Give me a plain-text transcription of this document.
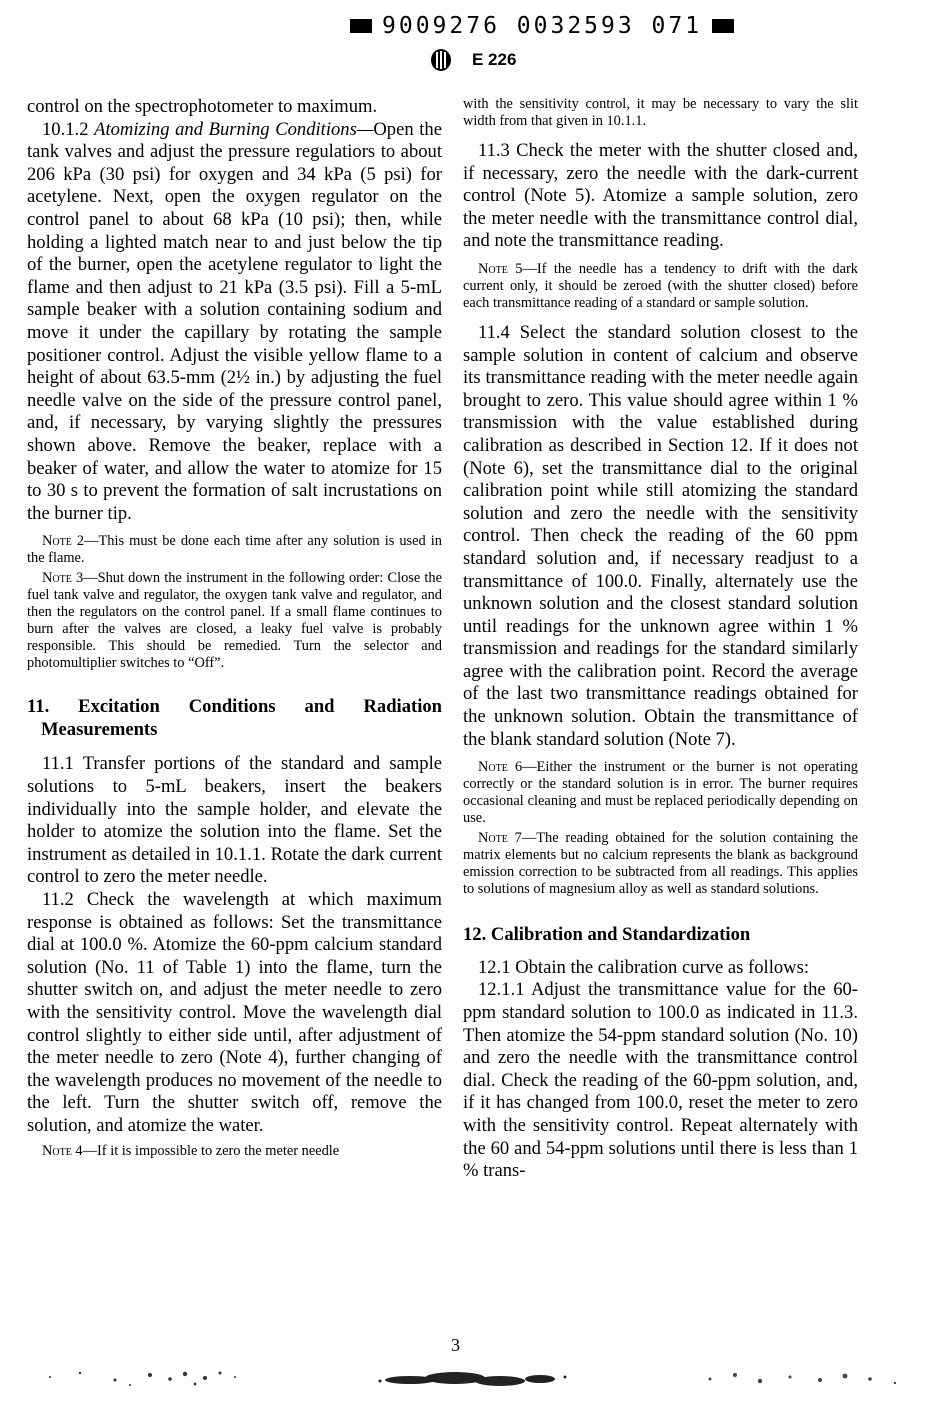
9009276 0032593 071
E 226

control on the spectrophotometer to maximum.

10.1.2 Atomizing and Burning Conditions—Open the tank valves and adjust the pressure regulatiors to about 206 kPa (30 psi) for oxygen and 34 kPa (5 psi) for acetylene. Next, open the oxygen regulator on the control panel to about 68 kPa (10 psi); then, while holding a lighted match near to and just below the tip of the burner, open the acetylene regulator to light the flame and then adjust to 21 kPa (3.5 psi). Fill a 5-mL sample beaker with a solution containing sodium and move it under the capillary by rotating the sample positioner control. Adjust the visible yellow flame to a height of about 63.5-mm (2½ in.) by adjusting the fuel needle valve on the side of the pressure control panel, and, if necessary, by varying slightly the pressures shown above. Remove the beaker, replace with a beaker of water, and allow the water to atomize for 15 to 30 s to prevent the formation of salt incrustations on the burner tip.

Note 2—This must be done each time after any solution is used in the flame.

Note 3—Shut down the instrument in the following order: Close the fuel tank valve and regulator, the oxygen tank valve and regulator, and then the regulators on the control panel. If a small flame continues to burn after the valves are closed, a leaky fuel valve is probably responsible. This should be remedied. Turn the selector and photomultiplier switches to “Off”.

11. Excitation Conditions and Radiation Measurements

11.1 Transfer portions of the standard and sample solutions to 5-mL beakers, insert the beakers individually into the sample holder, and elevate the holder to atomize the solution into the flame. Set the instrument as detailed in 10.1.1. Rotate the dark current control to zero the meter needle.

11.2 Check the wavelength at which maximum response is obtained as follows: Set the transmittance dial at 100.0 %. Atomize the 60-ppm calcium standard solution (No. 11 of Table 1) into the flame, turn the shutter switch on, and adjust the meter needle to zero with the sensitivity control. Move the wavelength dial control slightly to either side until, after adjustment of the meter needle to zero (Note 4), further changing of the wavelength produces no movement of the needle to the left. Turn the shutter switch off, remove the solution, and atomize the water.

Note 4—If it is impossible to zero the meter needle

with the sensitivity control, it may be necessary to vary the slit width from that given in 10.1.1.

11.3 Check the meter with the shutter closed and, if necessary, zero the needle with the dark-current control (Note 5). Atomize a sample solution, zero the meter needle with the transmittance control dial, and note the transmittance reading.

Note 5—If the needle has a tendency to drift with the dark current only, it should be zeroed (with the shutter closed) before each transmittance reading of a standard or sample solution.

11.4 Select the standard solution closest to the sample solution in content of calcium and observe its transmittance reading with the meter needle again brought to zero. This value should agree within 1 % transmission with the value established during calibration as described in Section 12. If it does not (Note 6), set the transmittance dial to the original calibration point while still atomizing the standard solution and zero the needle with the sensitivity control. Then check the reading of the 60 ppm standard solution and, if necessary readjust to a transmittance of 100.0. Finally, alternately use the unknown solution and the closest standard solution until readings for the unknown agree within 1 % transmission and readings for the standard similarly agree with the calibration point. Record the average of the last two transmittance readings obtained for the unknown solution. Obtain the transmittance of the blank standard solution (Note 7).

Note 6—Either the instrument or the burner is not operating correctly or the standard solution is in error. The burner requires occasional cleaning and must be replaced periodically depending on use.

Note 7—The reading obtained for the solution containing the matrix elements but no calcium represents the blank as background emission correction to be subtracted from all readings. This applies to solutions of magnesium alloy as well as standard solutions.

12. Calibration and Standardization

12.1 Obtain the calibration curve as follows:

12.1.1 Adjust the transmittance value for the 60-ppm standard solution to 100.0 as indicated in 11.3. Then atomize the 54-ppm standard solution (No. 10) and zero the needle with the transmittance control dial. Check the reading of the 60-ppm solution, and, if it has changed from 100.0, reset the meter to zero with the sensitivity control. Repeat alternately with the 60 and 54-ppm solutions until there is less than 1 % trans-

3
